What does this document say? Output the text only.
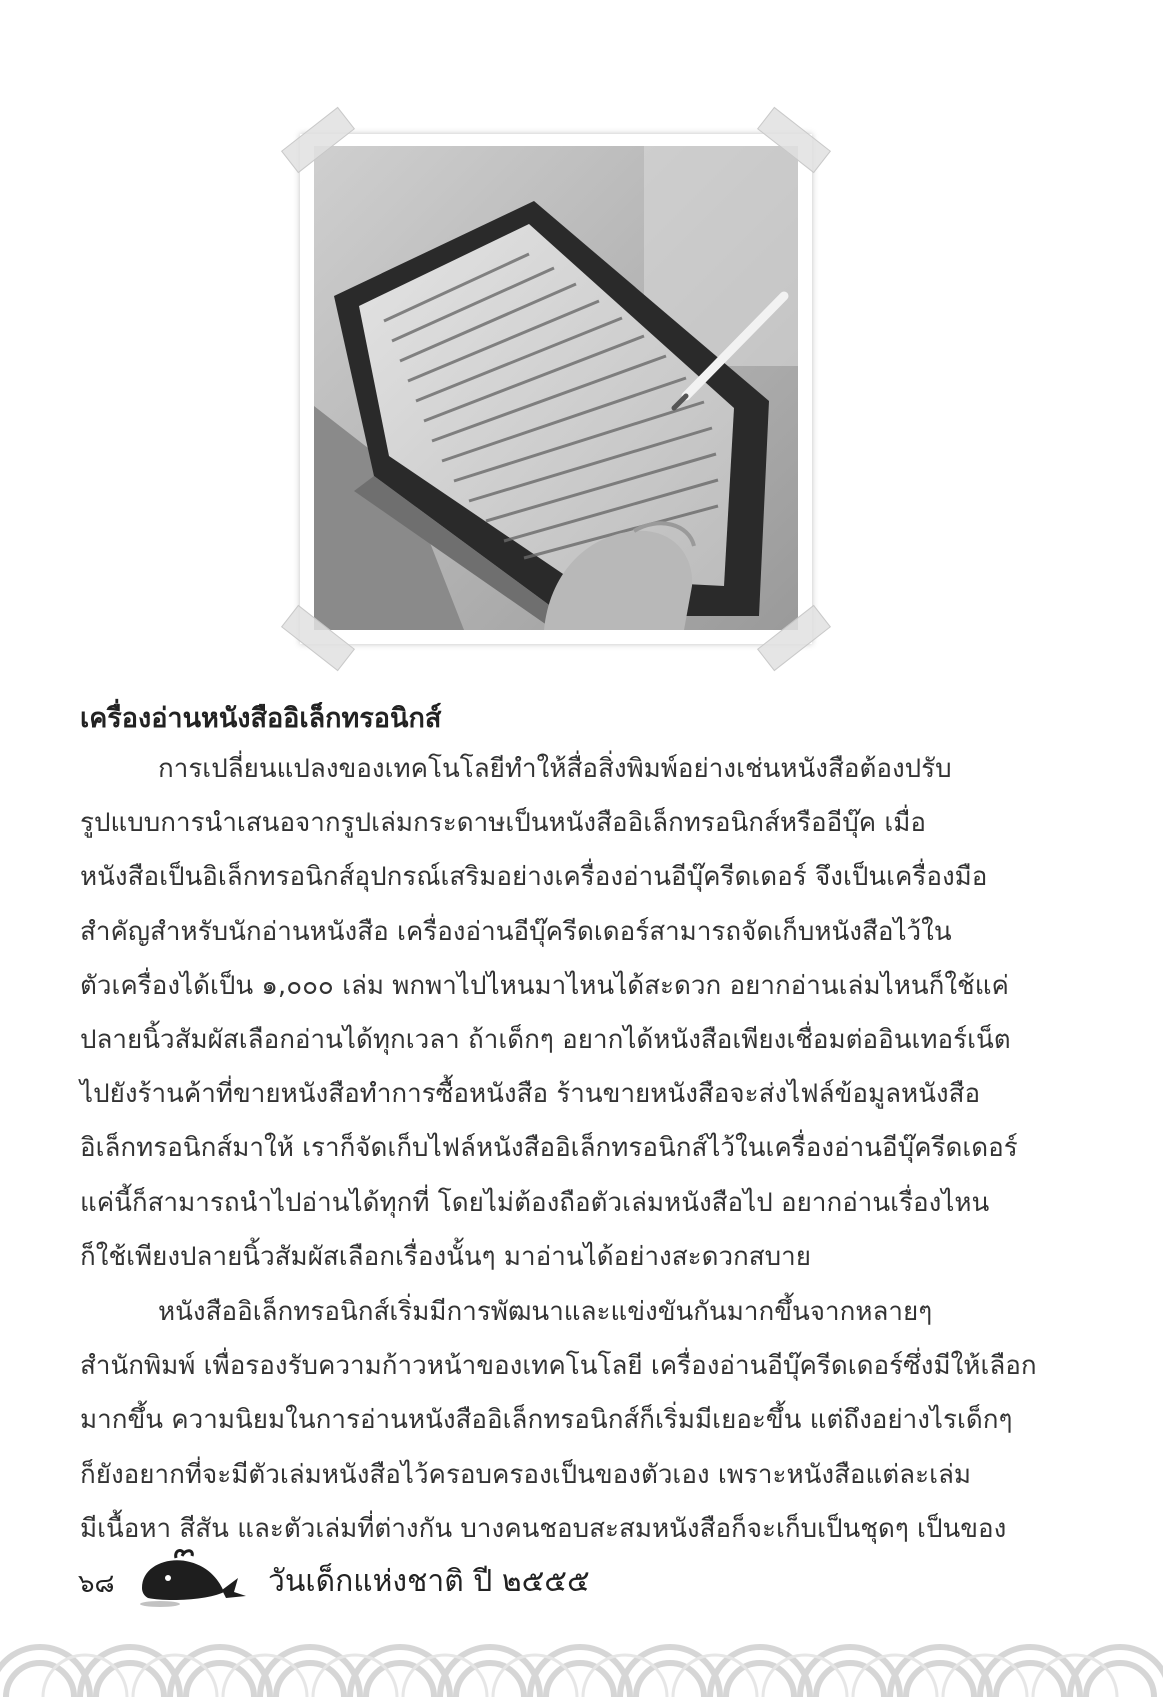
เครื่องอ่านหนังสืออิเล็กทรอนิกส์

การเปลี่ยนแปลงของเทคโนโลยีทำให้สื่อสิ่งพิมพ์อย่างเช่นหนังสือต้องปรับ
รูปแบบการนำเสนอจากรูปเล่มกระดาษเป็นหนังสืออิเล็กทรอนิกส์หรืออีบุ๊ค เมื่อ
หนังสือเป็นอิเล็กทรอนิกส์อุปกรณ์เสริมอย่างเครื่องอ่านอีบุ๊ครีดเดอร์ จึงเป็นเครื่องมือ
สำคัญสำหรับนักอ่านหนังสือ เครื่องอ่านอีบุ๊ครีดเดอร์สามารถจัดเก็บหนังสือไว้ใน
ตัวเครื่องได้เป็น ๑,๐๐๐ เล่ม พกพาไปไหนมาไหนได้สะดวก อยากอ่านเล่มไหนก็ใช้แค่
ปลายนิ้วสัมผัสเลือกอ่านได้ทุกเวลา ถ้าเด็กๆ อยากได้หนังสือเพียงเชื่อมต่ออินเทอร์เน็ต
ไปยังร้านค้าที่ขายหนังสือทำการซื้อหนังสือ ร้านขายหนังสือจะส่งไฟล์ข้อมูลหนังสือ
อิเล็กทรอนิกส์มาให้ เราก็จัดเก็บไฟล์หนังสืออิเล็กทรอนิกส์ไว้ในเครื่องอ่านอีบุ๊ครีดเดอร์
แค่นี้ก็สามารถนำไปอ่านได้ทุกที่ โดยไม่ต้องถือตัวเล่มหนังสือไป อยากอ่านเรื่องไหน
ก็ใช้เพียงปลายนิ้วสัมผัสเลือกเรื่องนั้นๆ มาอ่านได้อย่างสะดวกสบาย

หนังสืออิเล็กทรอนิกส์เริ่มมีการพัฒนาและแข่งขันกันมากขึ้นจากหลายๆ
สำนักพิมพ์ เพื่อรองรับความก้าวหน้าของเทคโนโลยี เครื่องอ่านอีบุ๊ครีดเดอร์ซึ่งมีให้เลือก
มากขึ้น ความนิยมในการอ่านหนังสืออิเล็กทรอนิกส์ก็เริ่มมีเยอะขึ้น แต่ถึงอย่างไรเด็กๆ
ก็ยังอยากที่จะมีตัวเล่มหนังสือไว้ครอบครองเป็นของตัวเอง เพราะหนังสือแต่ละเล่ม
มีเนื้อหา สีสัน และตัวเล่มที่ต่างกัน บางคนชอบสะสมหนังสือก็จะเก็บเป็นชุดๆ เป็นของ

๖๘	วันเด็กแห่งชาติ ปี ๒๕๕๕
